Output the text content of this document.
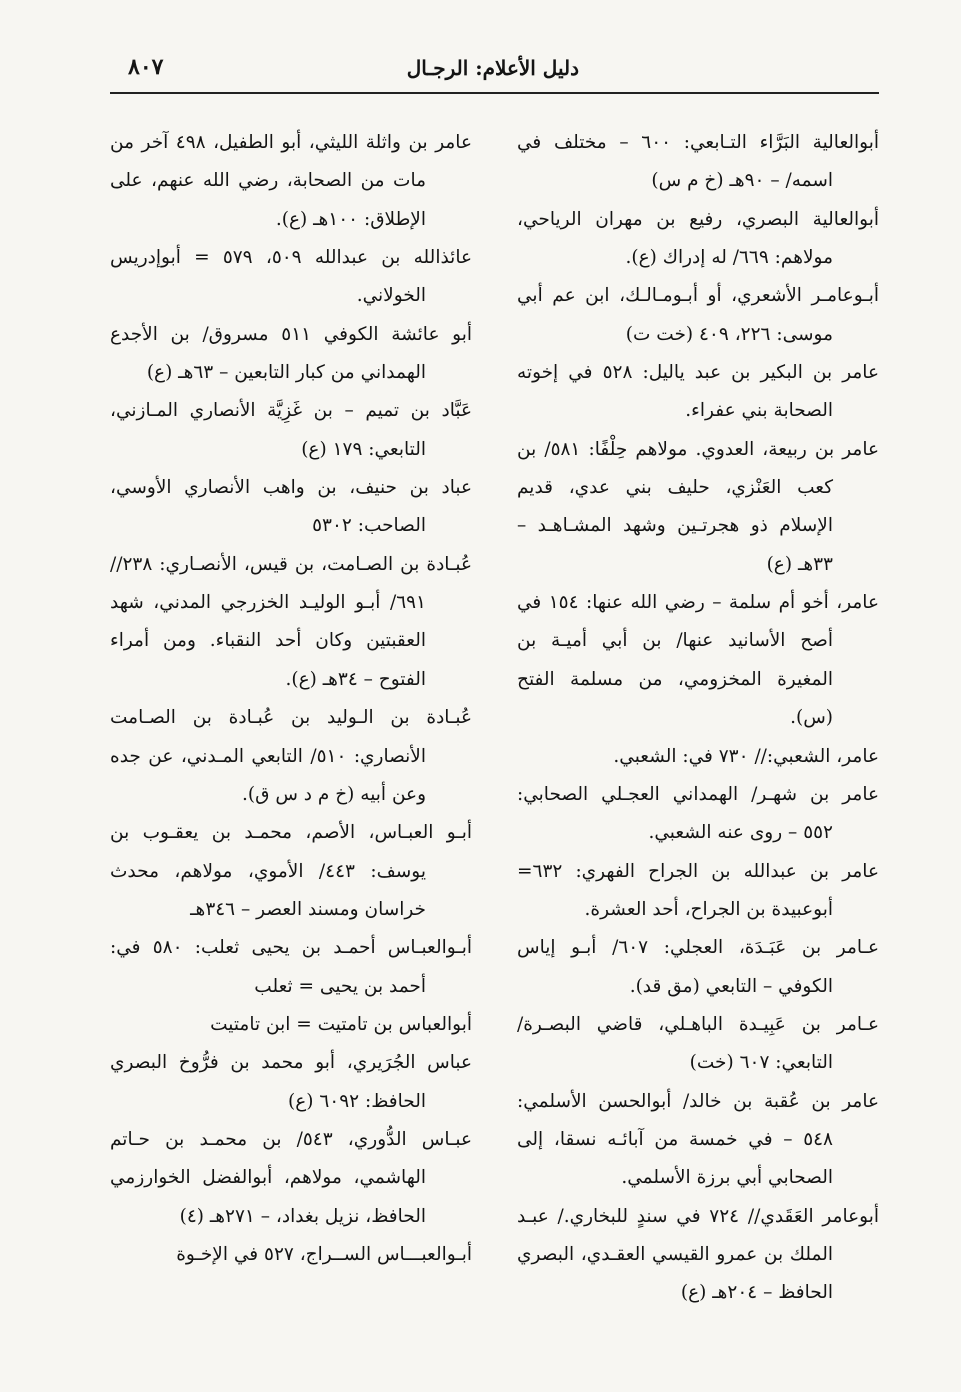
٨٠٧	دليل الأعلام: الرجـال

أبوالعالية البَرَّاء التـابعي: ٦٠٠ – مختلف في اسمه/ – ٩٠هـ (خ م س)

أبوالعالية البصري، رفيع بن مهران الرياحي، مولاهم: ٦٦٩/ له إدراك (ع).

أبـوعامـر الأشعري، أو أبـومـالـك، ابن عم أبي موسى: ٢٢٦، ٤٠٩ (خت ت)

عامر بن البكير بن عبد ياليل: ٥٢٨ في إخوته الصحابة بني عفراء.

عامر بن ربيعة، العدوي. مولاهم حِلْفًا: ٥٨١/ بن كعب العَنْزي، حليف بني عدي، قديم الإسلام ذو هجرتـين وشهد المشـاهـد – ٣٣هـ (ع)

عامر، أخو أم سلمة – رضي الله عنها: ١٥٤ في أصح الأسانيد عنها/ بن أبي أميـة بن المغيرة المخزومي، من مسلمة الفتح (س).

عامر، الشعبي:// ٧٣٠ في: الشعبي.

عامر بن شهـر/ الهمداني العجـلي الصحابي: ٥٥٢ – روى عنه الشعبي.

عامر بن عبدالله بن الجراح الفهري: ٦٣٢= أبوعبيدة بن الجراح، أحد العشرة.

عـامر بن عَبَـدَة، العجلي: ٦٠٧/ أبـو إياس الكوفي – التابعي (مق قد).

عـامر بن عَبِيـدة الباهـلي، قاضي البصـرة/ التابعي: ٦٠٧ (خت)

عامر بن عُقبة بن خالد/ أبوالحسن الأسلمي: ٥٤٨ – في خمسة من آبائـه نسقا، إلى الصحابي أبي برزة الأسلمي.

أبوعامر العَقَدي// ٧٢٤ في سندٍ للبخاري./ عبـد الملك بن عمرو القيسي العقـدي، البصري الحافظ – ٢٠٤هـ (ع)

عامر بن واثلة الليثي، أبو الطفيل، ٤٩٨ آخر من مات من الصحابة، رضي الله عنهم، على الإطلاق: ١٠٠هـ (ع).

عائذالله بن عبدالله ٥٠٩، ٥٧٩ = أبوإدريس الخولاني.

أبو عائشة الكوفي ٥١١ مسروق/ بن الأجدع الهمداني من كبار التابعين – ٦٣هـ (ع)

عَبَّاد بن تميم – بن غَزِيَّة الأنصاري المـازني، التابعي: ١٧٩ (ع)

عباد بن حنيف، بن واهب الأنصاري الأوسي، الصاحب: ٥٣٠٢

عُبـادة بن الصـامت، بن قيس، الأنصـاري: ٢٣٨// ٦٩١/ أبـو الوليـد الخزرجي المدني، شهد العقبتين وكان أحد النقباء. ومن أمراء الفتوح – ٣٤هـ (ع).

عُبـادة بن الـوليد بن عُبـادة بن الصـامت الأنصاري: ٥١٠/ التابعي المـدني، عن جده وعن أبيه (خ م د س ق).

أبـو العبـاس، الأصم، محمـد بن يعقـوب بن يوسف: ٤٤٣/ الأموي، مولاهم، محدث خراسان ومسند العصر – ٣٤٦هـ

أبـوالعبـاس أحمـد بن يحيى ثعلب: ٥٨٠ في: أحمد بن يحيى = ثعلب

أبوالعباس بن تامتيت = ابن تامتيت

عباس الجُرَيري، أبو محمد بن فرُّوخ البصري الحافظ: ٦٠٩٢ (ع)

عبـاس الدُّوري، ٥٤٣/ بن محمـد بن حـاتم الهاشمي، مولاهم، أبوالفضل الخوارزمي الحافظ، نزيل بغداد، – ٢٧١هـ (٤)

أبـوالعبـــاس الســراج، ٥٢٧ في الإخـوة
